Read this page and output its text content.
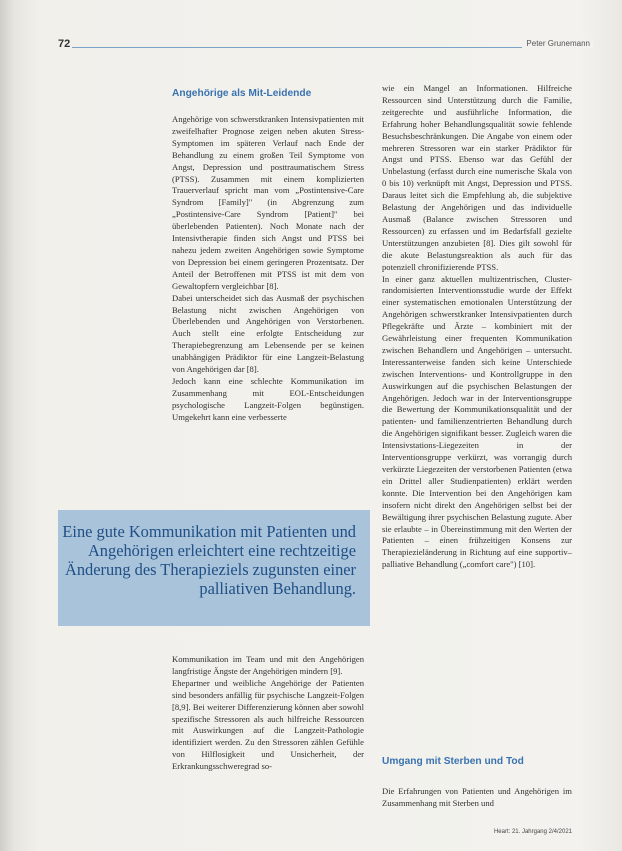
72	Peter Grunemann
Angehörige als Mit-Leidende

Angehörige von schwerstkranken Intensivpatienten mit zweifelhafter Prognose zeigen neben akuten Stress-Symptomen im späteren Verlauf nach Ende der Behandlung zu einem großen Teil Symptome von Angst, Depression und posttraumatischem Stress (PTSS). Zusammen mit einem komplizierten Trauerverlauf spricht man vom „Postintensive-Care Syndrom [Family]" (in Abgrenzung zum „Postintensive-Care Syndrom [Patient]" bei überlebenden Patienten). Noch Monate nach der Intensivtherapie finden sich Angst und PTSS bei nahezu jedem zweiten Angehörigen sowie Symptome von Depression bei einem geringeren Prozentsatz. Der Anteil der Betroffenen mit PTSS ist mit dem von Gewaltopfern vergleichbar [8].

Dabei unterscheidet sich das Ausmaß der psychischen Belastung nicht zwischen Angehörigen von Überlebenden und Angehörigen von Verstorbenen. Auch stellt eine erfolgte Entscheidung zur Therapiebegrenzung am Lebensende per se keinen unabhängigen Prädiktor für eine Langzeit-Belastung von Angehörigen dar [8].

Jedoch kann eine schlechte Kommunikation im Zusammenhang mit EOL-Entscheidungen psychologische Langzeit-Folgen begünstigen. Umgekehrt kann eine verbesserte

Eine gute Kommunikation mit Patienten und Angehörigen erleichtert eine rechtzeitige Änderung des Therapieziels zugunsten einer palliativen Behandlung.

Kommunikation im Team und mit den Angehörigen langfristige Ängste der Angehörigen mindern [9].

Ehepartner und weibliche Angehörige der Patienten sind besonders anfällig für psychische Langzeit-Folgen [8,9]. Bei weiterer Differenzierung können aber sowohl spezifische Stressoren als auch hilfreiche Ressourcen mit Auswirkungen auf die Langzeit-Pathologie identifiziert werden. Zu den Stressoren zählen Gefühle von Hilflosigkeit und Unsicherheit, der Erkrankungsschweregrad so-

wie ein Mangel an Informationen. Hilfreiche Ressourcen sind Unterstützung durch die Familie, zeitgerechte und ausführliche Information, die Erfahrung hoher Behandlungsqualität sowie fehlende Besuchsbeschränkungen. Die Angabe von einem oder mehreren Stressoren war ein starker Prädiktor für Angst und PTSS. Ebenso war das Gefühl der Unbelastung (erfasst durch eine numerische Skala von 0 bis 10) verknüpft mit Angst, Depression und PTSS. Daraus leitet sich die Empfehlung ab, die subjektive Belastung der Angehörigen und das individuelle Ausmaß (Balance zwischen Stressoren und Ressourcen) zu erfassen und im Bedarfsfall gezielte Unterstützungen anzubieten [8]. Dies gilt sowohl für die akute Belastungsreaktion als auch für das potenziell chronifizierende PTSS.

In einer ganz aktuellen multizentrischen, Cluster-randomisierten Interventionsstudie wurde der Effekt einer systematischen emotionalen Unterstützung der Angehörigen schwerstkranker Intensivpatienten durch Pflegekräfte und Ärzte – kombiniert mit der Gewährleistung einer frequenten Kommunikation zwischen Behandlern und Angehörigen – untersucht. Interessanterweise fanden sich keine Unterschiede zwischen Interventions- und Kontrollgruppe in den Auswirkungen auf die psychischen Belastungen der Angehörigen. Jedoch war in der Interventionsgruppe die Bewertung der Kommunikationsqualität und der patienten- und familienzentrierten Behandlung durch die Angehörigen signifikant besser. Zugleich waren die Intensivstations-Liegezeiten in der Interventionsgruppe verkürzt, was vorrangig durch verkürzte Liegezeiten der verstorbenen Patienten (etwa ein Drittel aller Studienpatienten) erklärt werden konnte. Die Intervention bei den Angehörigen kam insofern nicht direkt den Angehörigen selbst bei der Bewältigung ihrer psychischen Belastung zugute. Aber sie erlaubte – in Übereinstimmung mit den Werten der Patienten – einen frühzeitigen Konsens zur Therapiezieländerung in Richtung auf eine supportiv–palliative Behandlung („comfort care") [10].

Umgang mit Sterben und Tod

Die Erfahrungen von Patienten und Angehörigen im Zusammenhang mit Sterben und

Heart: 21. Jahrgang 2/4/2021
